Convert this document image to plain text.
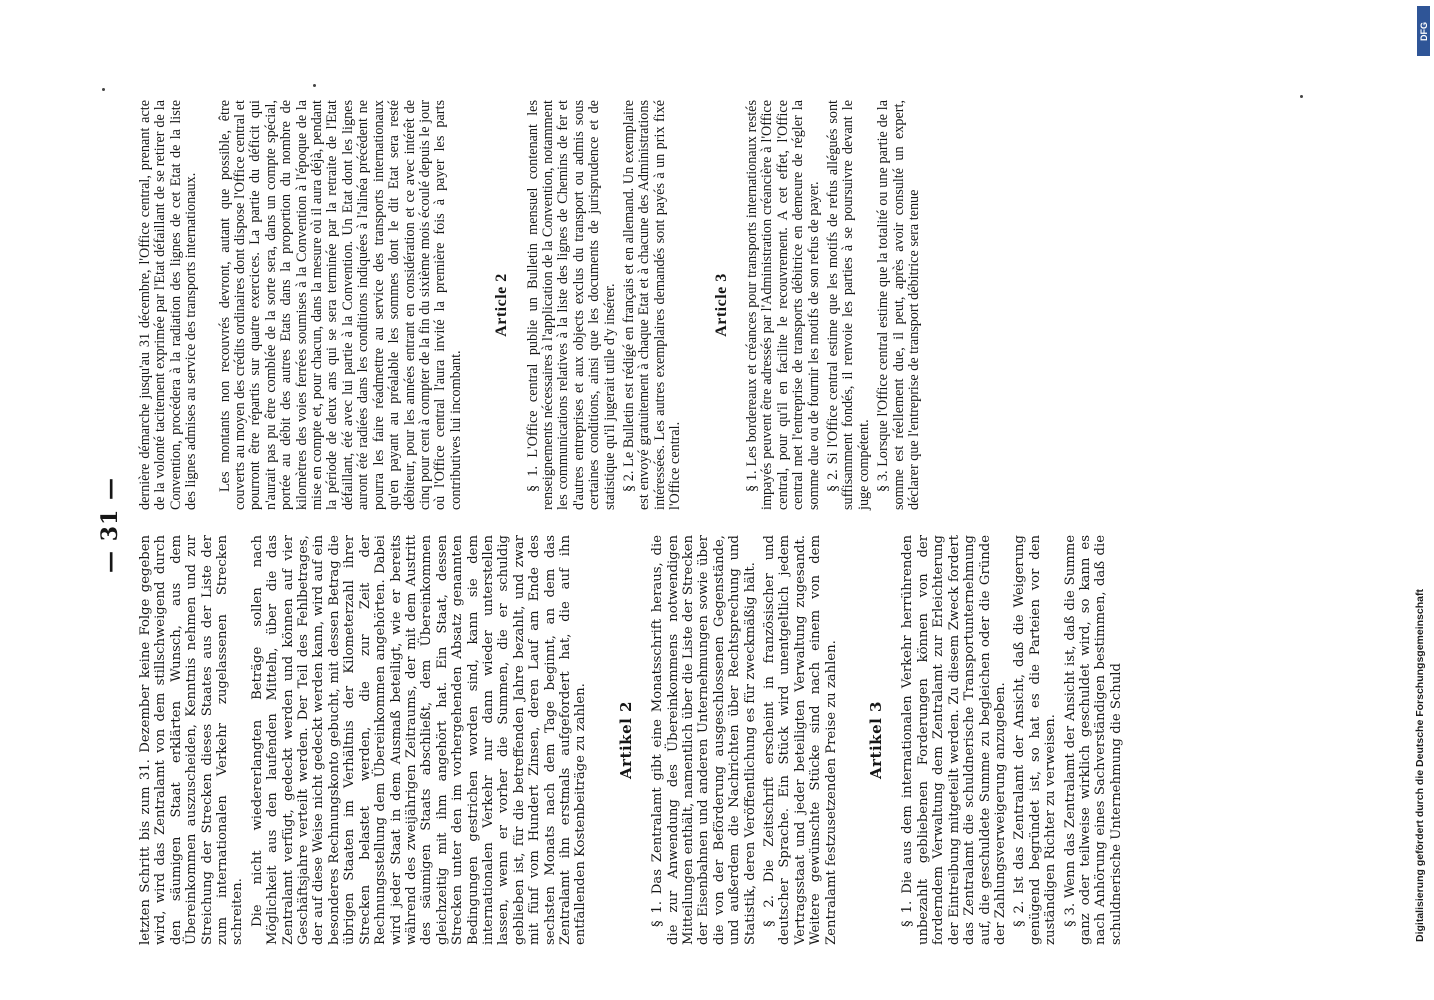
— 31 —

letzten Schritt bis zum 31. Dezember keine Folge gegeben wird, wird das Zentralamt von dem stillschweigend durch den säumigen Staat erklärten Wunsch, aus dem Übereinkommen auszuscheiden, Kenntnis nehmen und zur Streichung der Strecken dieses Staates aus der Liste der zum internationalen Verkehr zugelassenen Strecken schreiten. Die nicht wiedererlangten Beträge sollen nach Möglichkeit aus den laufenden Mitteln, über die das Zentralamt verfügt, gedeckt werden und können auf vier Geschäftsjahre verteilt werden. Der Teil des Fehlbetrages, der auf diese Weise nicht gedeckt werden kann, wird auf ein besonderes Rechnungskonto gebucht, mit dessen Betrag die übrigen Staaten im Verhältnis der Kilometerzahl ihrer Strecken belastet werden, die zur Zeit der Rechnungsstellung dem Übereinkommen angehörten. Dabei wird jeder Staat in dem Ausmaß beteiligt, wie er bereits während des zweijährigen Zeitraums, der mit dem Austritt des säumigen Staats abschließt, dem Übereinkommen gleichzeitig mit ihm angehört hat. Ein Staat, dessen Strecken unter den im vorhergehenden Absatz genannten Bedingungen gestrichen worden sind, kann sie dem internationalen Verkehr nur dann wieder unterstellen lassen, wenn er vorher die Summen, die er schuldig geblieben ist, für die betreffenden Jahre bezahlt, und zwar mit fünf vom Hundert Zinsen, deren Lauf am Ende des sechsten Monats nach dem Tage beginnt, an dem das Zentralamt ihn erstmals aufgefordert hat, die auf ihn entfallenden Kostenbeiträge zu zahlen. Artikel 2 § 1. Das Zentralamt gibt eine Monatsschrift heraus, die die zur Anwendung des Übereinkommens notwendigen Mitteilungen enthält, namentlich über die Liste der Strecken der Eisenbahnen und anderen Unternehmungen sowie über die von der Beförderung ausgeschlossenen Gegenstände, und außerdem die Nachrichten über Rechtsprechung und Statistik, deren Veröffentlichung es für zweckmäßig hält. § 2. Die Zeitschrift erscheint in französischer und deutscher Sprache. Ein Stück wird unentgeltlich jedem Vertragsstaat und jeder beteiligten Verwaltung zugesandt. Weitere gewünschte Stücke sind nach einem von dem Zentralamt festzusetzenden Preise zu zahlen. Artikel 3 § 1. Die aus dem internationalen Verkehr herrührenden unbezahlt gebliebenen Forderungen können von der forderndem Verwaltung dem Zentralamt zur Erleichterung der Eintreibung mitgeteilt werden. Zu diesem Zweck fordert das Zentralamt die schuldnerische Transportunternehmung auf, die geschuldete Summe zu begleichen oder die Gründe der Zahlungsverweigerung anzugeben. § 2. Ist das Zentralamt der Ansicht, daß die Weigerung genügend begründet ist, so hat es die Parteien vor den zuständigen Richter zu verweisen. § 3. Wenn das Zentralamt der Ansicht ist, daß die Summe ganz oder teilweise wirklich geschuldet wird, so kann es nach Anhörung eines Sachverständigen bestimmen, daß die schuldnerische Unternehmung die Schuld

dernière démarche jusqu'au 31 décembre, l'Office central, prenant acte de la volonté tacitement exprimée par l'Etat défaillant de se retirer de la Convention, procédera à la radiation des lignes de cet Etat de la liste des lignes admises au service des transports internationaux. Les montants non recouvrés devront, autant que possible, être couverts au moyen des crédits ordinaires dont dispose l'Office central et pourront être répartis sur quatre exercices. La partie du déficit qui n'aurait pas pu être comblée de la sorte sera, dans un compte spécial, portée au débit des autres Etats dans la proportion du nombre de kilomètres des voies ferrées soumises à la Convention à l'époque de la mise en compte et, pour chacun, dans la mesure où il aura déjà, pendant la période de deux ans qui se sera terminée par la retraite de l'Etat défaillant, été avec lui partie à la Convention. Un Etat dont les lignes auront été radiées dans les conditions indiquées à l'alinéa précédent ne pourra les faire réadmettre au service des transports internationaux qu'en payant au préalable les sommes dont le dit Etat sera resté débiteur, pour les années entrant en considération et ce avec intérêt de cinq pour cent à compter de la fin du sixième mois écoulé depuis le jour où l'Office central l'aura invité la première fois à payer les parts contributives lui incombant.

Article 2 § 1. L'Office central publie un Bulletin mensuel contenant les renseignements nécessaires à l'application de la Convention, notamment les communications relatives à la liste des lignes de Chemins de fer et d'autres entreprises et aux objects exclus du transport ou admis sous certaines conditions, ainsi que les documents de jurisprudence et de statistique qu'il jugerait utile d'y insérer. § 2. Le Bulletin est rédigé en français et en allemand. Un exemplaire est envoyé gratuitement à chaque Etat et à chacune des Administrations intéressées. Les autres exemplaires demandés sont payés à un prix fixé l'Office central.

Article 3 § 1. Les bordereaux et créances pour transports internationaux restés impayés peuvent être adressés par l'Administration créancière à l'Office central, pour qu'il en facilite le recouvrement. A cet effet, l'Office central met l'entreprise de transports débitrice en demeure de régler la somme due ou de fournir les motifs de son refus de payer. § 2. Si l'Office central estime que les motifs de refus allégués sont suffisamment fondés, il renvoie les parties à se poursuivre devant le juge compétent. § 3. Lorsque l'Office central estime que la totalité ou une partie de la somme est réellement due, il peut, après avoir consulté un expert, déclarer que l'entreprise de transport débitrice sera tenue

Digitalisierung gefördert durch die Deutsche Forschungsgemeinschaft
DFG
